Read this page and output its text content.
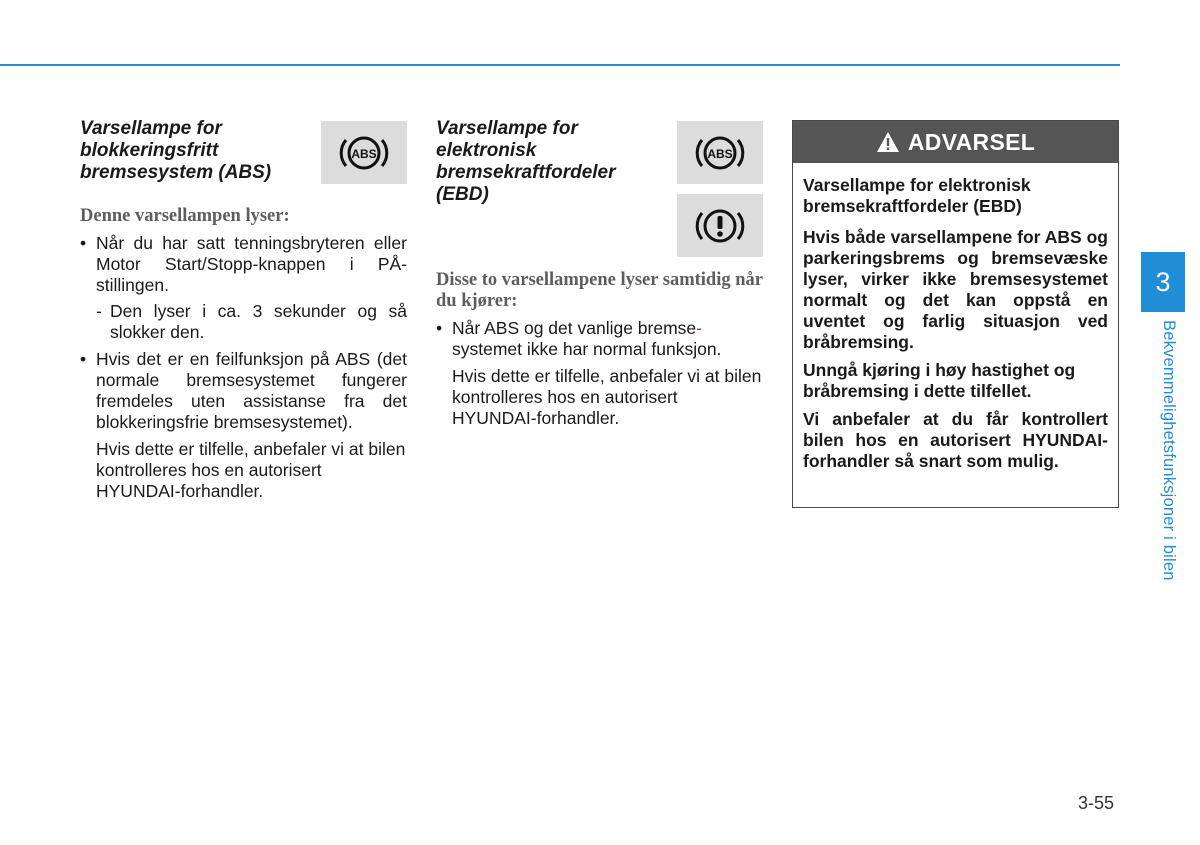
Varsellampe for blokkeringsfritt bremsesystem (ABS)

Denne varsellampen lyser:

• Når du har satt tenningsbryteren eller Motor Start/Stopp-knappen i PÅ-stillingen.

- Den lyser i ca. 3 sekunder og så slokker den.

• Hvis det er en feilfunksjon på ABS (det normale bremsesystemet fungerer fremdeles uten assistanse fra det blokkeringsfrie bremsesystemet).

Hvis dette er tilfelle, anbefaler vi at bilen kontrolleres hos en autorisert HYUNDAI-forhandler.

ABS

Varsellampe for elektronisk bremsekraftfordeler (EBD)

Disse to varsellampene lyser samtidig når du kjører:

• Når ABS og det vanlige bremse-
systemet ikke har normal funksjon.

Hvis dette er tilfelle, anbefaler vi at bilen kontrolleres hos en autorisert HYUNDAI-forhandler.

ABS	ADVARSEL

Varsellampe for elektronisk bremsekraftfordeler (EBD)

Hvis både varsellampene for ABS og parkeringsbrems og bremsevæske lyser, virker ikke bremsesystemet normalt og det kan oppstå en uventet og farlig situasjon ved bråbremsing.

Unngå kjøring i høy hastighet og bråbremsing i dette tilfellet.

Vi anbefaler at du får kontrollert bilen hos en autorisert HYUNDAI-forhandler så snart som mulig.

3
Bekvemmelighetsfunksjoner i bilen
3-55
